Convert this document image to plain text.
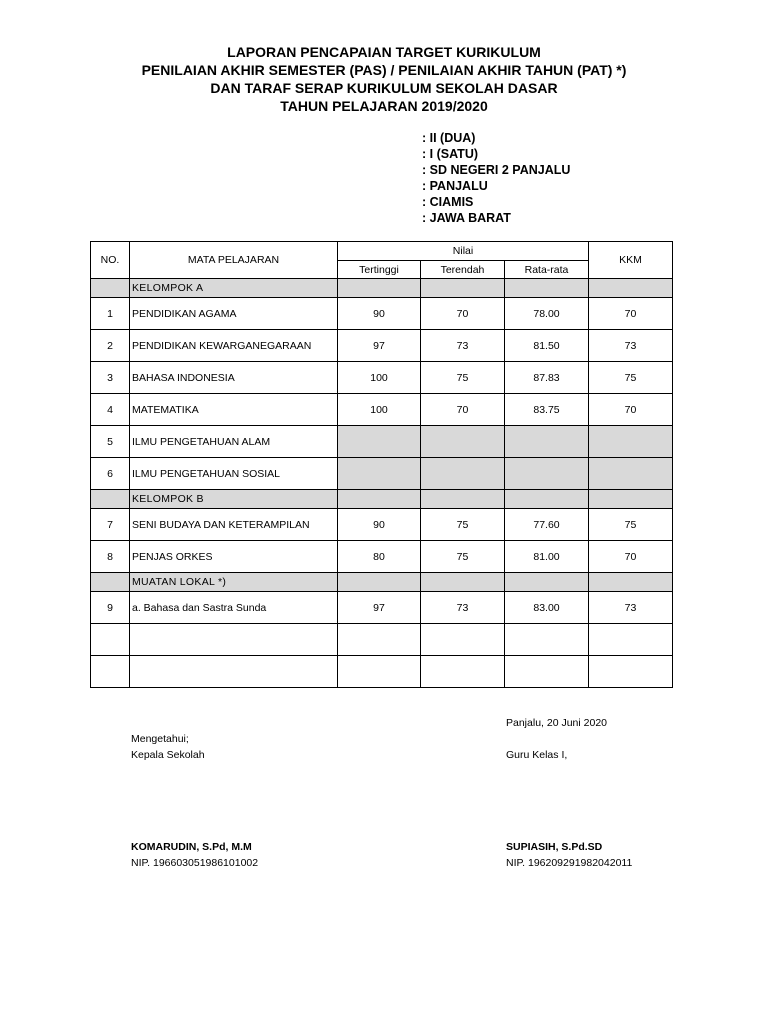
LAPORAN PENCAPAIAN TARGET KURIKULUM
PENILAIAN AKHIR SEMESTER (PAS) / PENILAIAN AKHIR TAHUN (PAT) *)
DAN TARAF SERAP KURIKULUM SEKOLAH DASAR
TAHUN PELAJARAN 2019/2020
: II (DUA)
: I (SATU)
: SD NEGERI 2 PANJALU
: PANJALU
: CIAMIS
: JAWA BARAT
NO.	MATA PELAJARAN	Nilai			KKM
		Tertinggi	Terendah	Rata-rata	
	KELOMPOK A				
1	PENDIDIKAN AGAMA	90	70	78.00	70
2	PENDIDIKAN KEWARGANEGARAAN	97	73	81.50	73
3	BAHASA INDONESIA	100	75	87.83	75
4	MATEMATIKA	100	70	83.75	70
5	ILMU PENGETAHUAN ALAM				
6	ILMU PENGETAHUAN SOSIAL				
	KELOMPOK B				
7	SENI BUDAYA DAN KETERAMPILAN	90	75	77.60	75
8	PENJAS ORKES	80	75	81.00	70
	MUATAN LOKAL *)				
9	a. Bahasa dan Sastra Sunda	97	73	83.00	73

Panjalu, 20 Juni 2020
Mengetahui;
Kepala Sekolah	Guru Kelas I,
KOMARUDIN, S.Pd, M.M
NIP. 196603051986101002
SUPIASIH, S.Pd.SD
NIP. 196209291982042011
